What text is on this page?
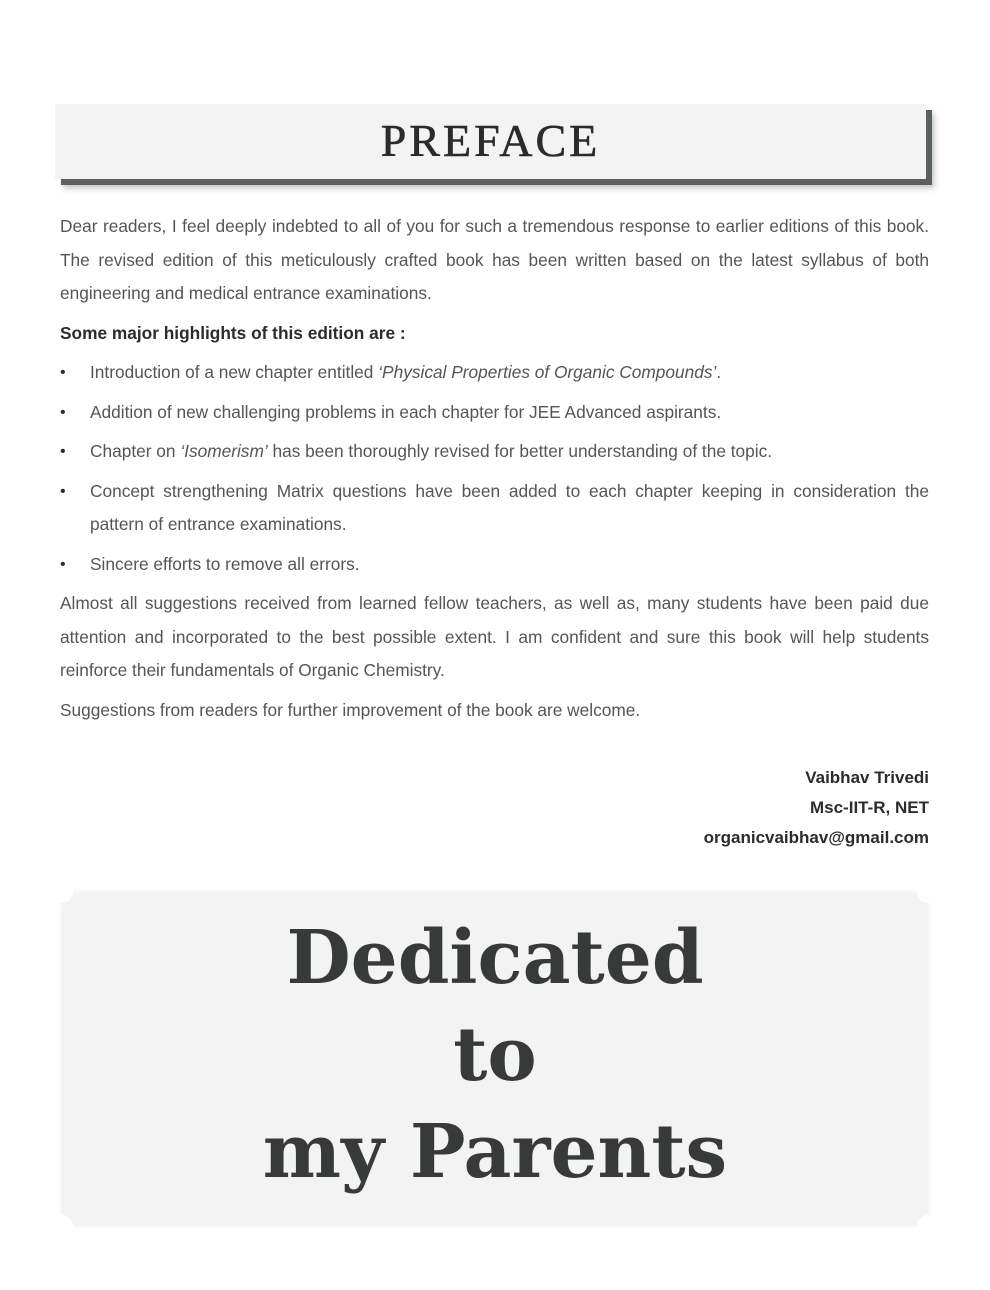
PREFACE

Dear readers, I feel deeply indebted to all of you for such a tremendous response to earlier editions of this book. The revised edition of this meticulously crafted book has been written based on the latest syllabus of both engineering and medical entrance examinations.

Some major highlights of this edition are :
• Introduction of a new chapter entitled ‘Physical Properties of Organic Compounds’.
• Addition of new challenging problems in each chapter for JEE Advanced aspirants.
• Chapter on ‘Isomerism’ has been thoroughly revised for better understanding of the topic.
• Concept strengthening Matrix questions have been added to each chapter keeping in consideration the pattern of entrance examinations.
• Sincere efforts to remove all errors.

Almost all suggestions received from learned fellow teachers, as well as, many students have been paid due attention and incorporated to the best possible extent. I am confident and sure this book will help students reinforce their fundamentals of Organic Chemistry.

Suggestions from readers for further improvement of the book are welcome.

Vaibhav Trivedi
Msc-IIT-R, NET
organicvaibhav@gmail.com
Dedicated
to
my Parents
